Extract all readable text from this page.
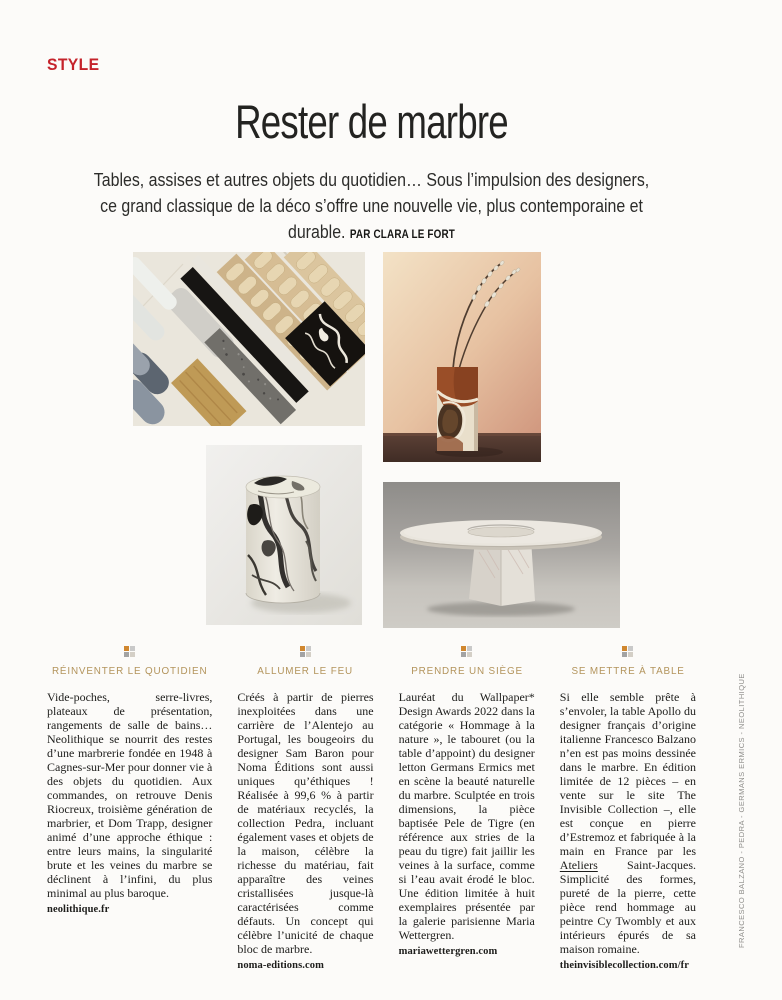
STYLE
Rester de marbre
Tables, assises et autres objets du quotidien… Sous l’impulsion des designers,
ce grand classique de la déco s’offre une nouvelle vie, plus contemporaine et durable. PAR CLARA LE FORT
RÉINVENTER LE QUOTIDIEN

Vide-poches, serre-livres, plateaux de présentation, rangements de salle de bains… Neolithique se nourrit des restes d’une marbrerie fondée en 1948 à Cagnes-sur-Mer pour donner vie à des objets du quotidien. Aux commandes, on retrouve Denis Riocreux, troisième génération de marbrier, et Dom Trapp, designer animé d’une approche éthique : entre leurs mains, la singularité brute et les veines du marbre se déclinent à l’infini, du plus minimal au plus baroque.

neolithique.fr
ALLUMER LE FEU

Créés à partir de pierres inexploitées dans une carrière de l’Alentejo au Portugal, les bougeoirs du designer Sam Baron pour Noma Éditions sont aussi uniques qu’éthiques ! Réalisée à 99,6 % à partir de matériaux recyclés, la collection Pedra, incluant également vases et objets de la maison, célèbre la richesse du matériau, fait apparaître des veines cristallisées jusque-là caractérisées comme défauts. Un concept qui célèbre l’unicité de chaque bloc de marbre.

noma-editions.com
PRENDRE UN SIÈGE

Lauréat du Wallpaper* Design Awards 2022 dans la catégorie « Hommage à la nature », le tabouret (ou la table d’appoint) du designer letton Germans Ermics met en scène la beauté naturelle du marbre. Sculptée en trois dimensions, la pièce baptisée Pele de Tigre (en référence aux stries de la peau du tigre) fait jaillir les veines à la surface, comme si l’eau avait érodé le bloc. Une édition limitée à huit exemplaires présentée par la galerie parisienne Maria Wettergren.

mariawettergren.com
SE METTRE À TABLE

Si elle semble prête à s’envoler, la table Apollo du designer français d’origine italienne Francesco Balzano n’en est pas moins dessinée dans le marbre. En édition limitée de 12 pièces – en vente sur le site The Invisible Collection –, elle est conçue en pierre d’Estremoz et fabriquée à la main en France par les Ateliers Saint-Jacques. Simplicité des formes, pureté de la pierre, cette pièce rend hommage au peintre Cy Twombly et aux intérieurs épurés de sa maison romaine.

theinvisiblecollection.com/fr
FRANCESCO BALZANO - PEDRA - GERMANS ERMICS - NEOLITHIQUE
